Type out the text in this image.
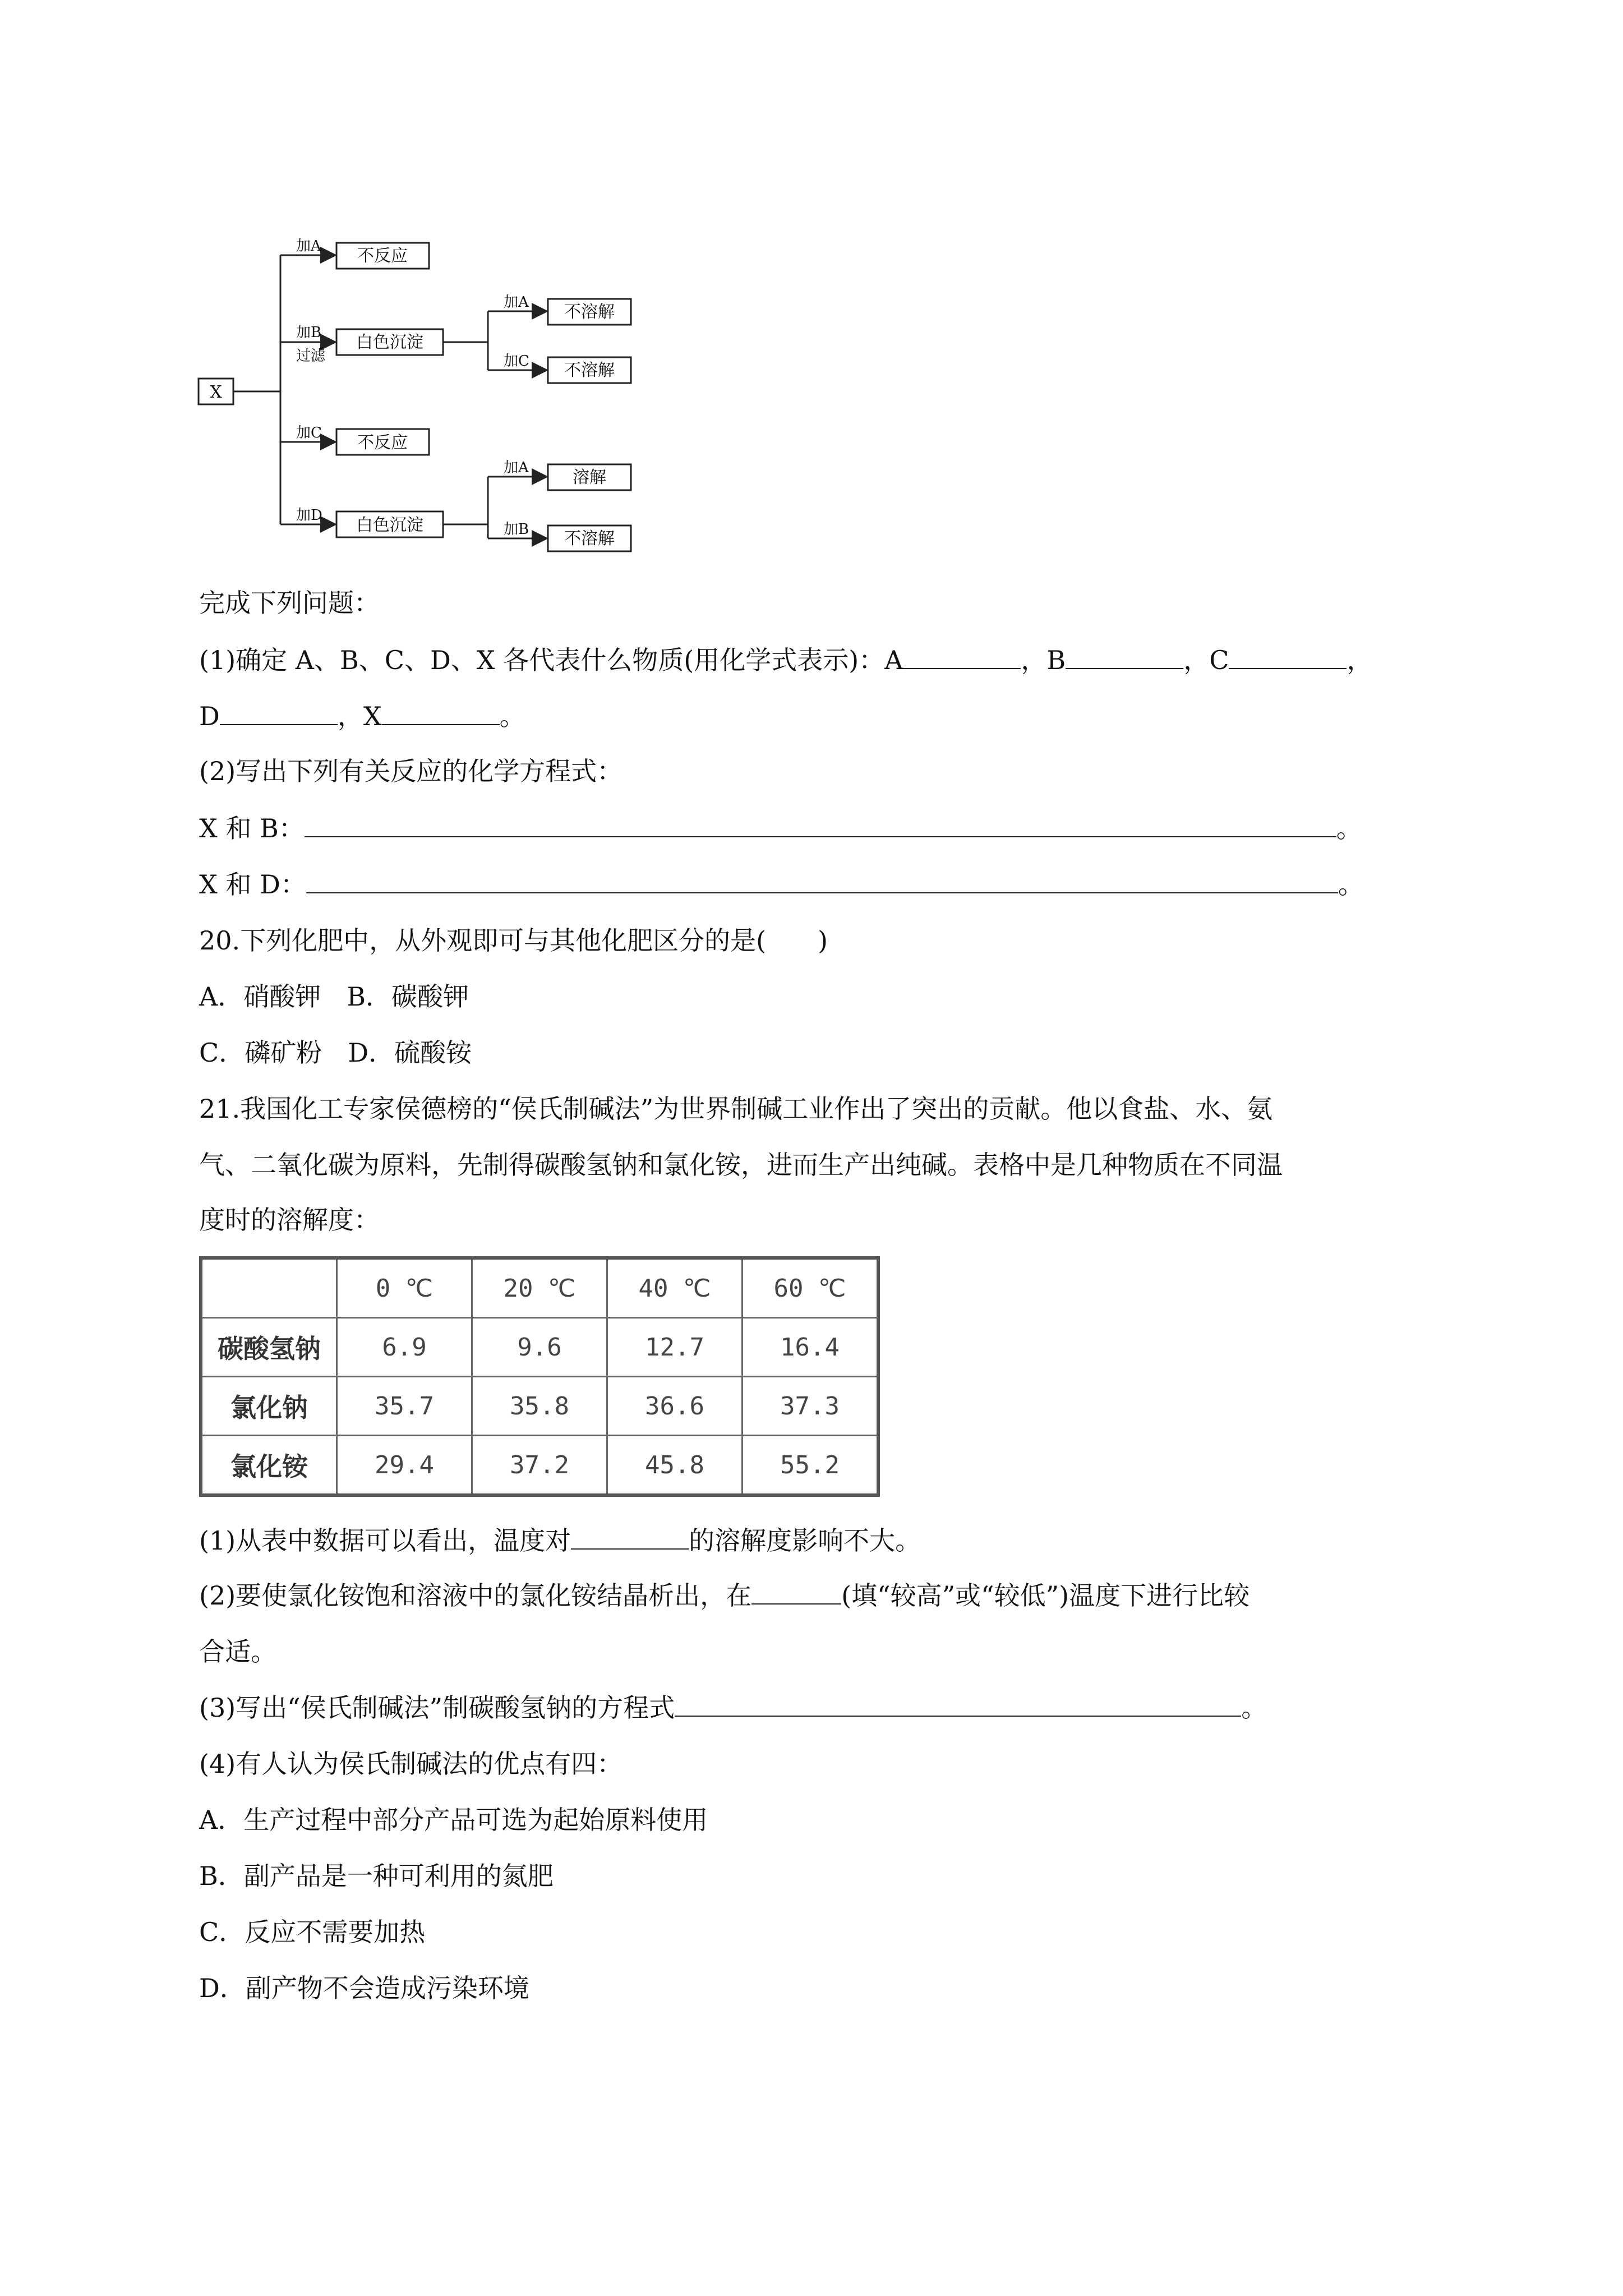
X
加A 不反应
加B
过滤
白色沉淀
加A 不溶解
加C 不溶解
加C 不反应
加D 白色沉淀
加A	溶解
加B 不溶解
完成下列问题：
(1)确定 A、B、C、D、X 各代表什么物质(用化学式表示)：A	，B	，C	，
D	，X	。
(2)写出下列有关反应的化学方程式：
X 和 B：	。
X 和 D：	。
20.下列化肥中，从外观即可与其他化肥区分的是(　　)
A．硝酸钾　B．碳酸钾
C．磷矿粉　D．硫酸铵
21.我国化工专家侯德榜的“侯氏制碱法”为世界制碱工业作出了突出的贡献。他以食盐、水、氨
气、二氧化碳为原料，先制得碳酸氢钠和氯化铵，进而生产出纯碱。表格中是几种物质在不同温
度时的溶解度：
	0 ℃	20 ℃	40 ℃	60 ℃
碳酸氢钠	6.9	9.6	12.7	16.4
氯化钠	35.7	35.8	36.6	37.3
氯化铵	29.4	37.2	45.8	55.2
(1)从表中数据可以看出，温度对	的溶解度影响不大。
(2)要使氯化铵饱和溶液中的氯化铵结晶析出，在	(填“较高”或“较低”)温度下进行比较
合适。
(3)写出“侯氏制碱法”制碳酸氢钠的方程式	。
(4)有人认为侯氏制碱法的优点有四：
A．生产过程中部分产品可选为起始原料使用
B．副产品是一种可利用的氮肥
C．反应不需要加热
D．副产物不会造成污染环境
